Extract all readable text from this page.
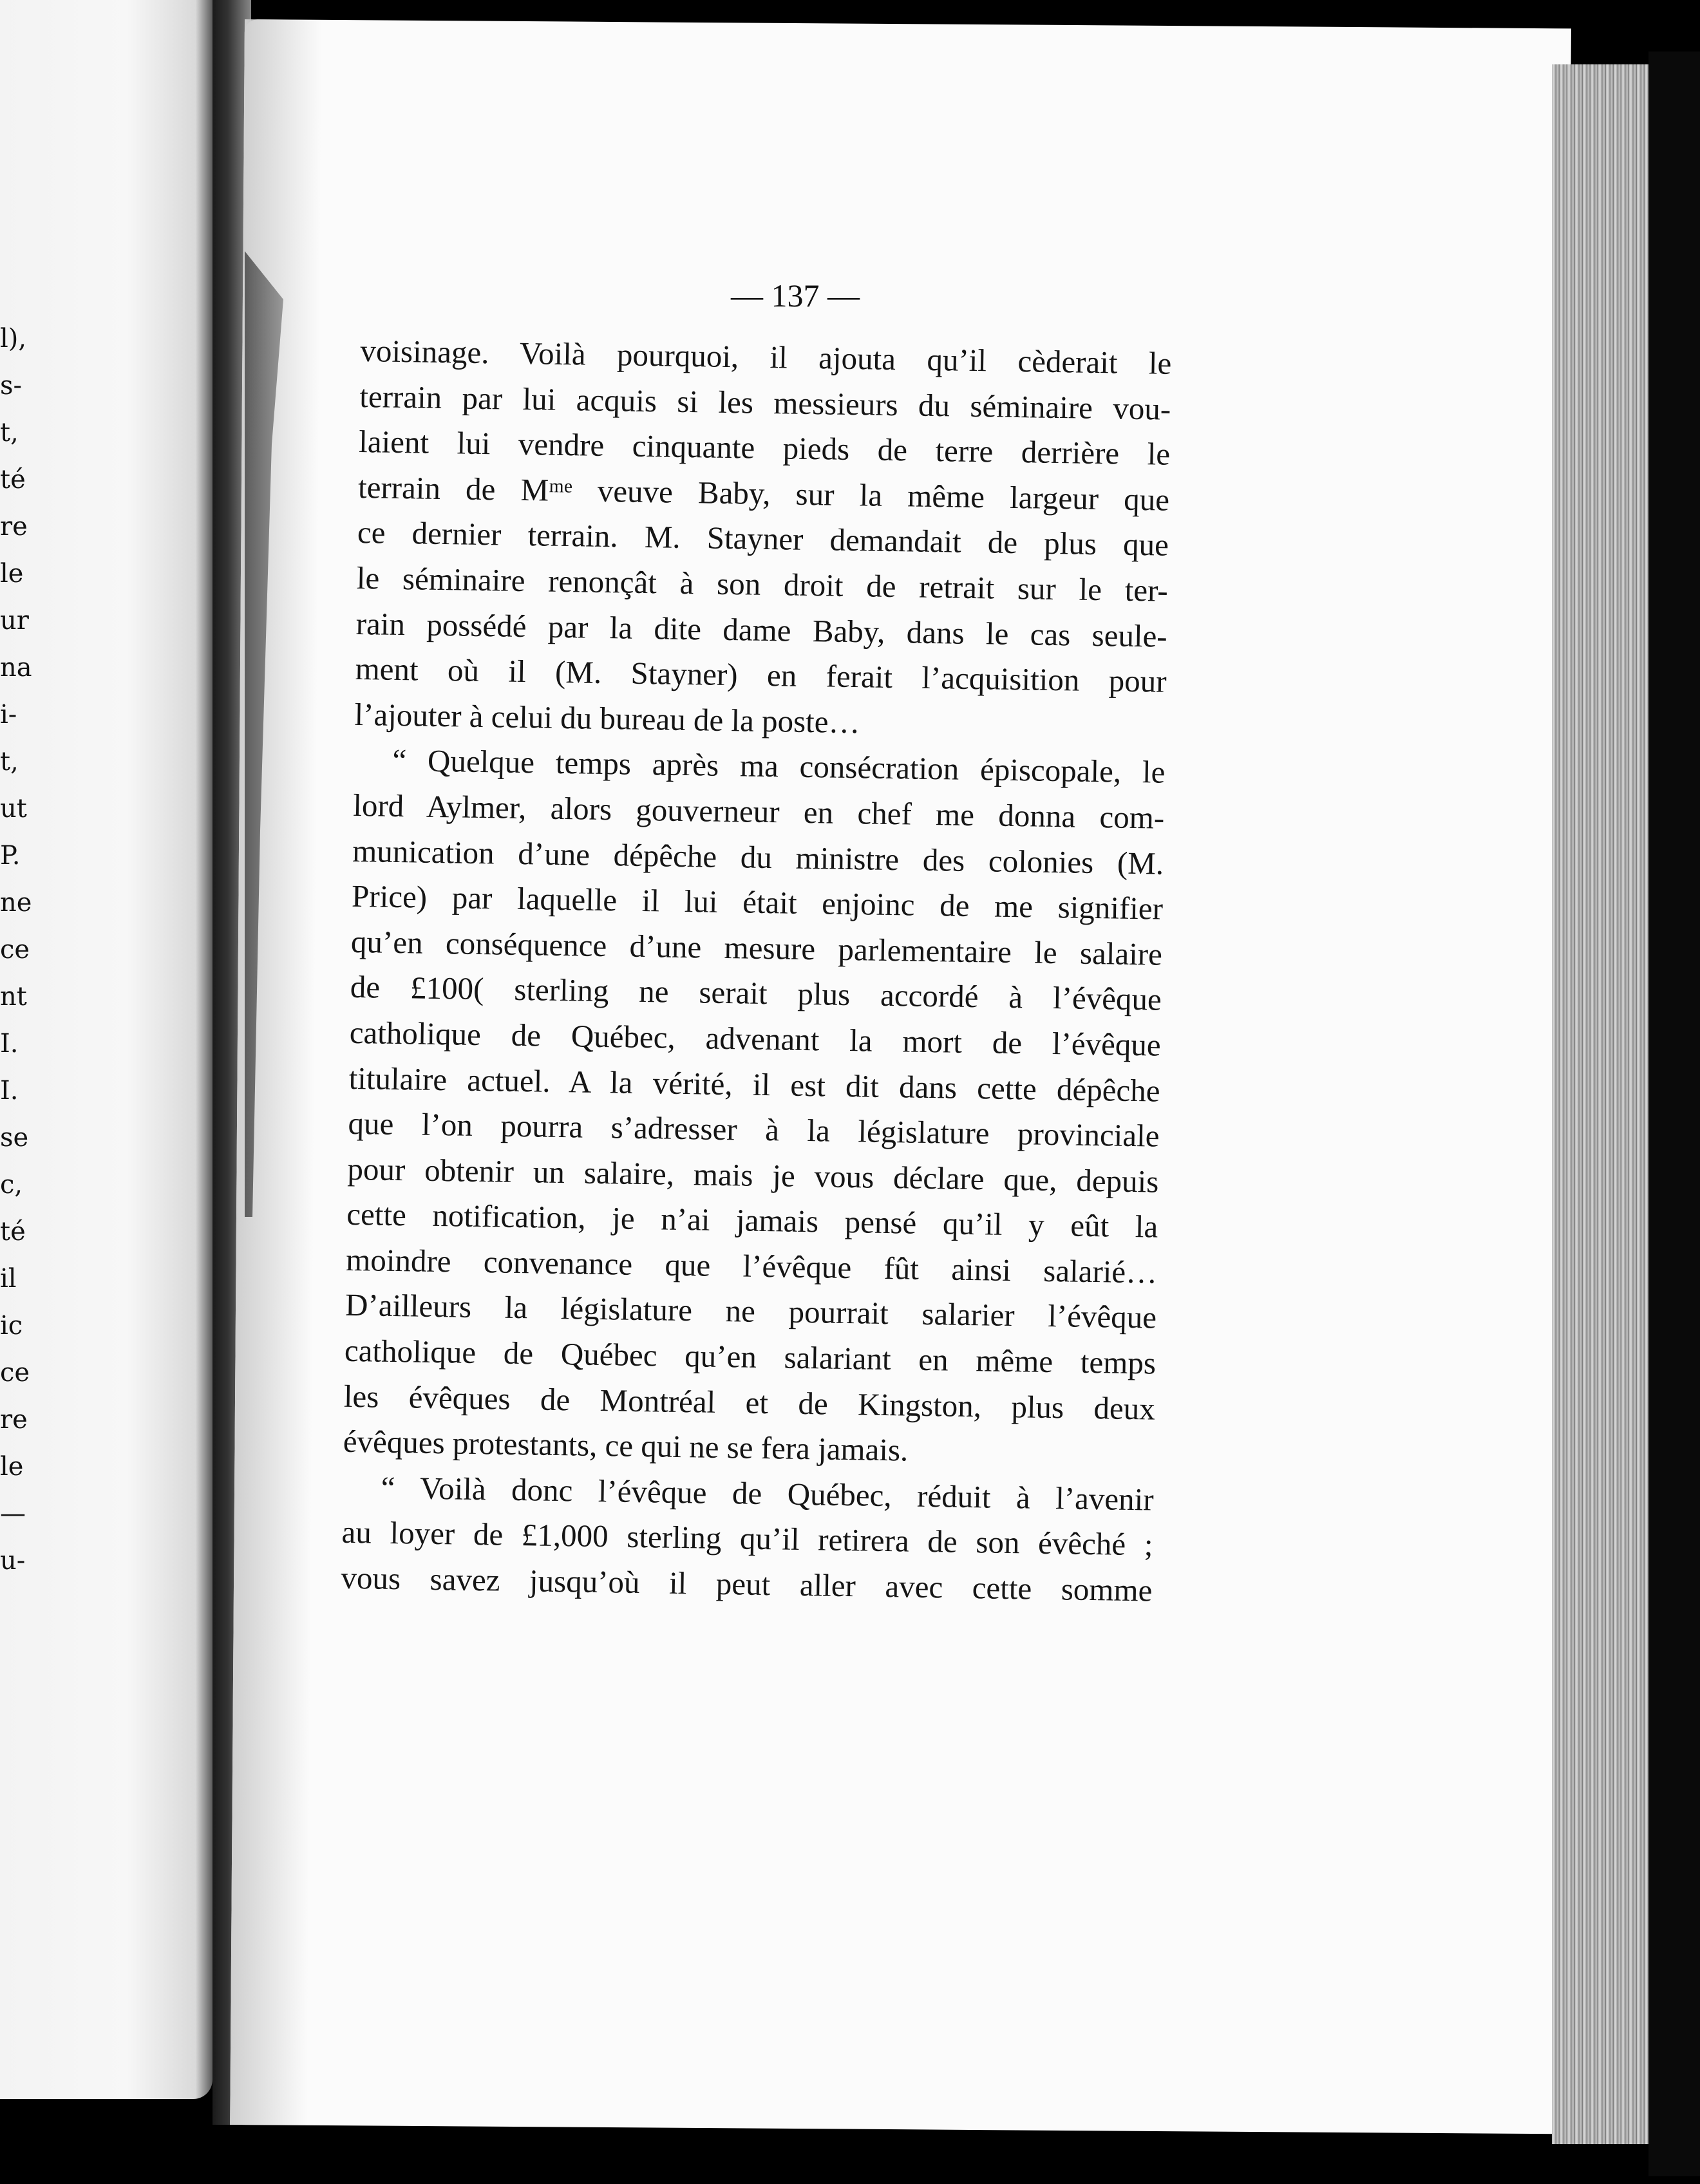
l),
s-
t,
té
re
le
ur
na
i-
t,
ut
P.
ne
ce
nt
I.
I.
se
c,
té
il
ic
ce
re
le
—
u-
— 137 —
voisinage. Voilà pourquoi, il ajouta qu’il cèderait le
terrain par lui acquis si les messieurs du séminaire vou-
laient lui vendre cinquante pieds de terre derrière le
terrain de Mᵐᵉ veuve Baby, sur la même largeur que
ce dernier terrain. M. Stayner demandait de plus que
le séminaire renonçât à son droit de retrait sur le ter-
rain possédé par la dite dame Baby, dans le cas seule-
ment où il (M. Stayner) en ferait l’acquisition pour
l’ajouter à celui du bureau de la poste…
“ Quelque temps après ma consécration épiscopale, le
lord Aylmer, alors gouverneur en chef me donna com-
munication d’une dépêche du ministre des colonies (M.
Price) par laquelle il lui était enjoinc de me signifier
qu’en conséquence d’une mesure parlementaire le salaire
de £100( sterling ne serait plus accordé à l’évêque
catholique de Québec, advenant la mort de l’évêque
titulaire actuel. A la vérité, il est dit dans cette dépêche
que l’on pourra s’adresser à la législature provinciale
pour obtenir un salaire, mais je vous déclare que, depuis
cette notification, je n’ai jamais pensé qu’il y eût la
moindre convenance que l’évêque fût ainsi salarié…
D’ailleurs la législature ne pourrait salarier l’évêque
catholique de Québec qu’en salariant en même temps
les évêques de Montréal et de Kingston, plus deux
évêques protestants, ce qui ne se fera jamais.
“ Voilà donc l’évêque de Québec, réduit à l’avenir
au loyer de £1,000 sterling qu’il retirera de son évêché ;
vous savez jusqu’où il peut aller avec cette somme
